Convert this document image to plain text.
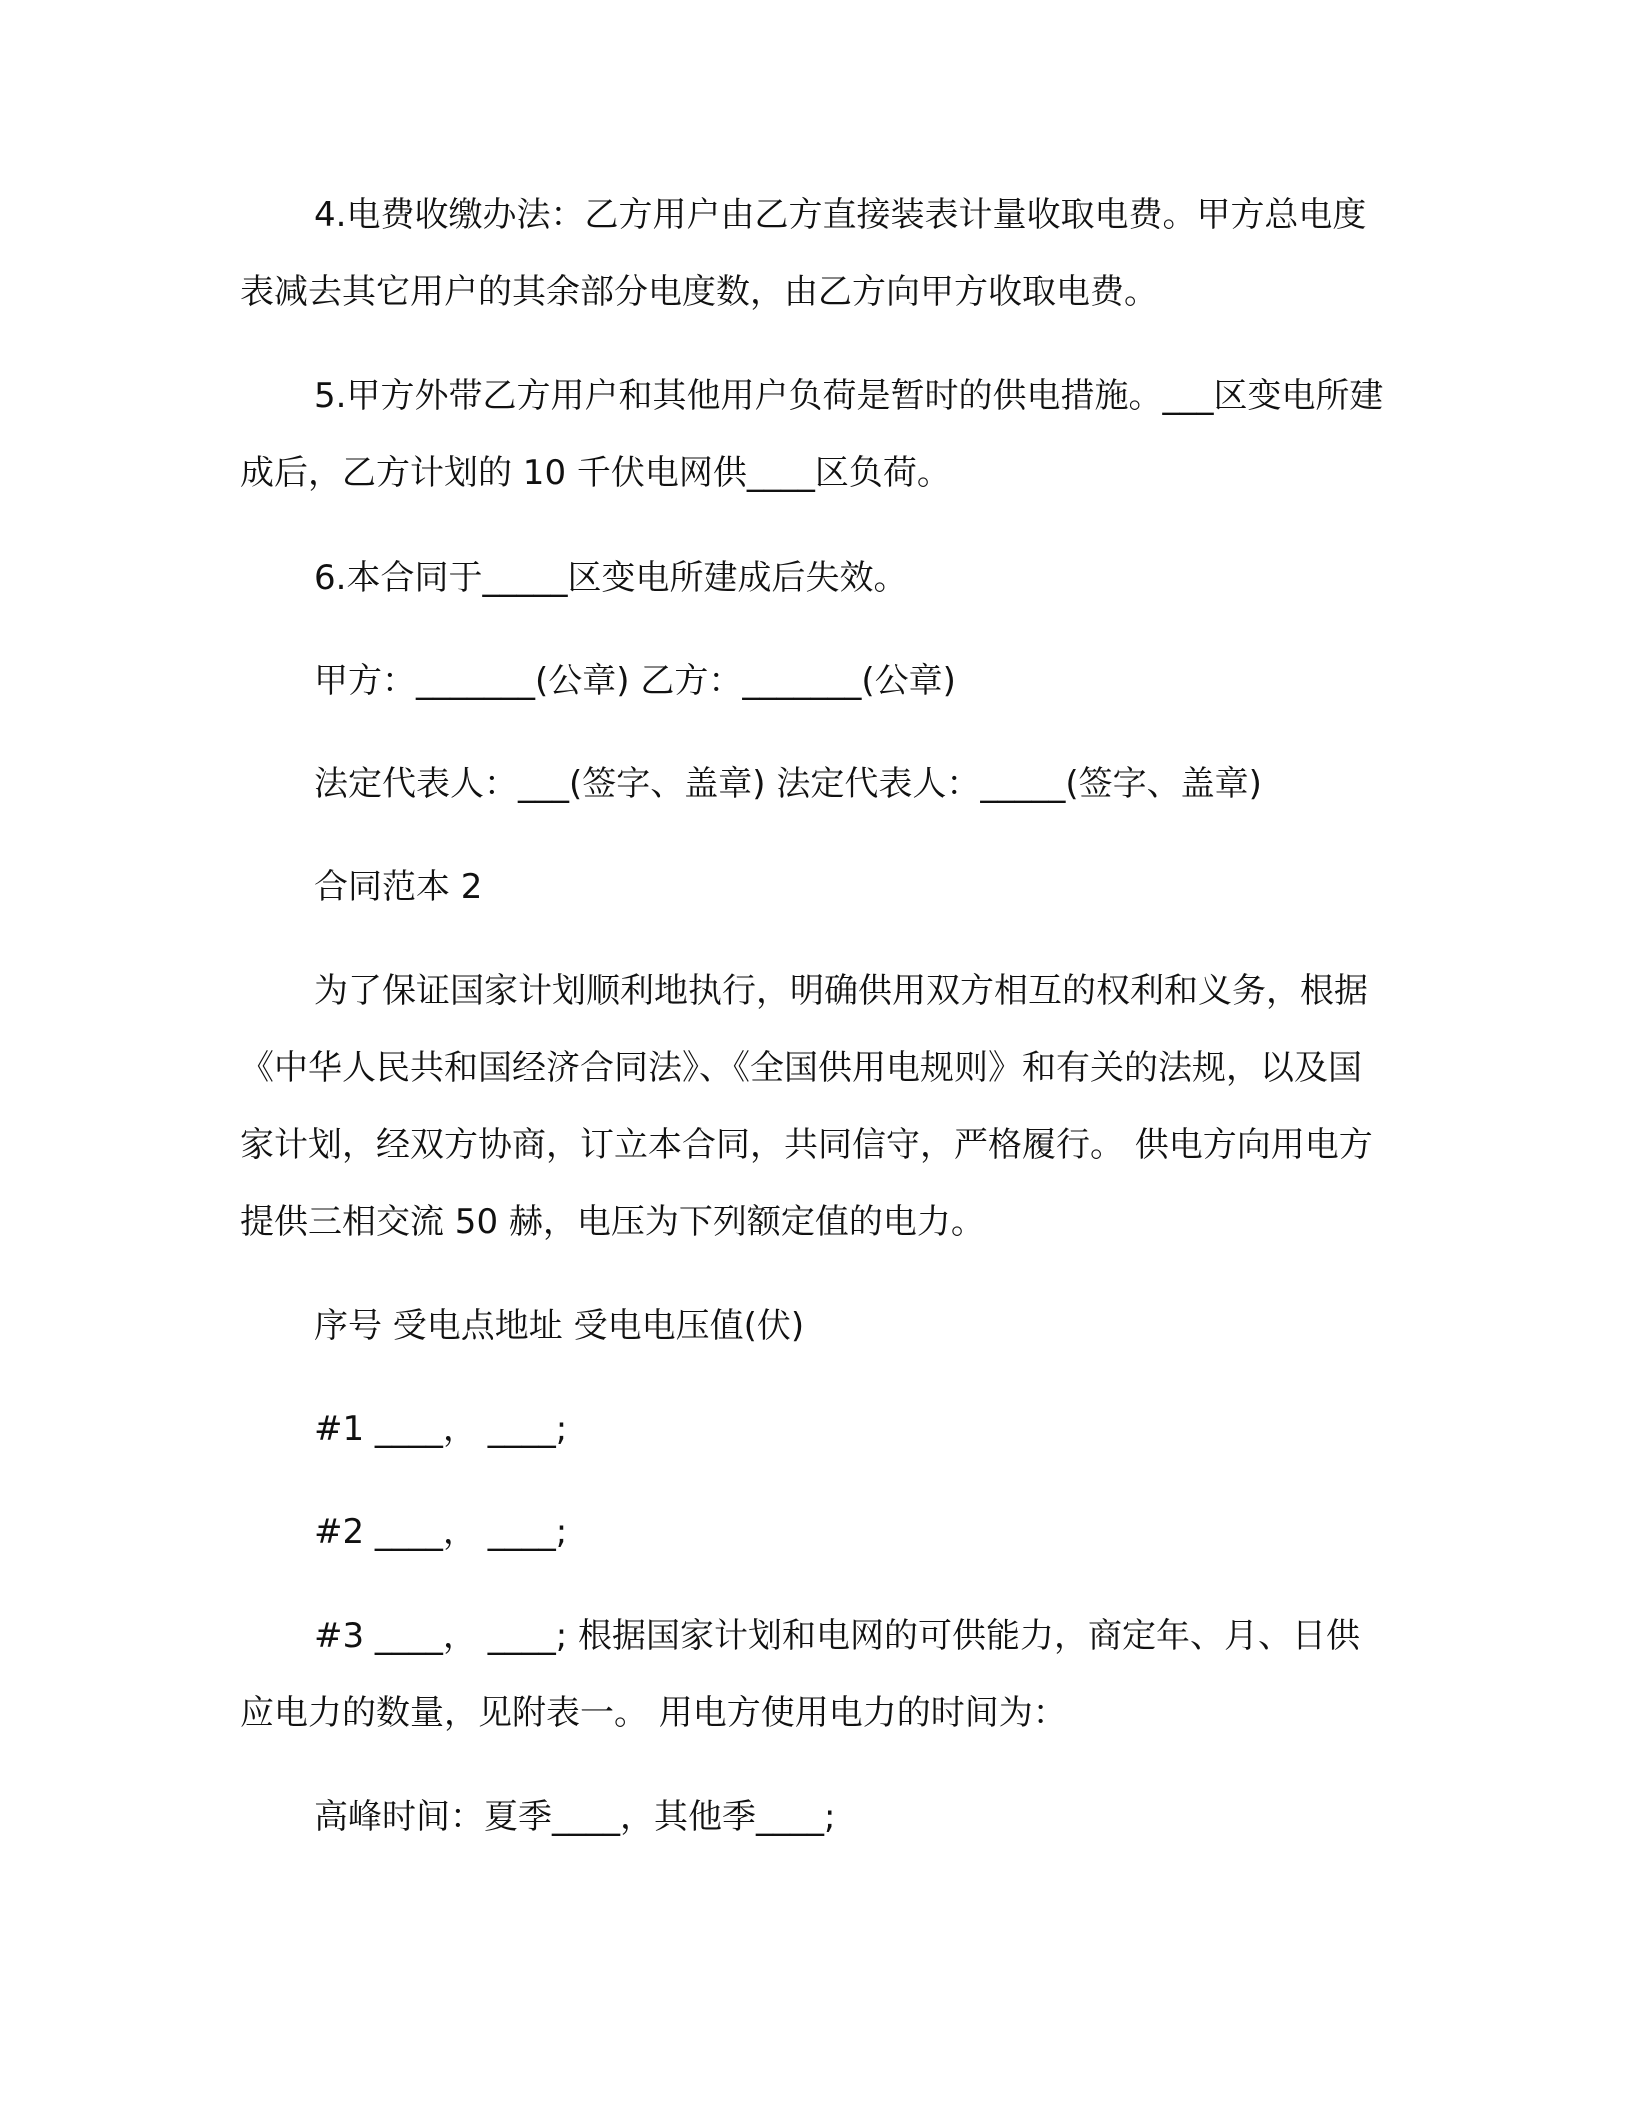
4.电费收缴办法：乙方用户由乙方直接装表计量收取电费。甲方总电度表减去其它用户的其余部分电度数，由乙方向甲方收取电费。

5.甲方外带乙方用户和其他用户负荷是暂时的供电措施。___区变电所建成后，乙方计划的 10 千伏电网供____区负荷。

6.本合同于_____区变电所建成后失效。

甲方：_______(公章) 乙方：_______(公章)

法定代表人：___(签字、盖章) 法定代表人：_____(签字、盖章)

合同范本 2

为了保证国家计划顺利地执行，明确供用双方相互的权利和义务，根据《中华人民共和国经济合同法》、《全国供用电规则》和有关的法规，以及国家计划，经双方协商，订立本合同，共同信守，严格履行。 供电方向用电方提供三相交流 50 赫，电压为下列额定值的电力。

序号 受电点地址 受电电压值(伏)

#1 ____， ____;

#2 ____， ____;

#3 ____， ____; 根据国家计划和电网的可供能力，商定年、月、日供应电力的数量，见附表一。 用电方使用电力的时间为：

高峰时间：夏季____，其他季____;
